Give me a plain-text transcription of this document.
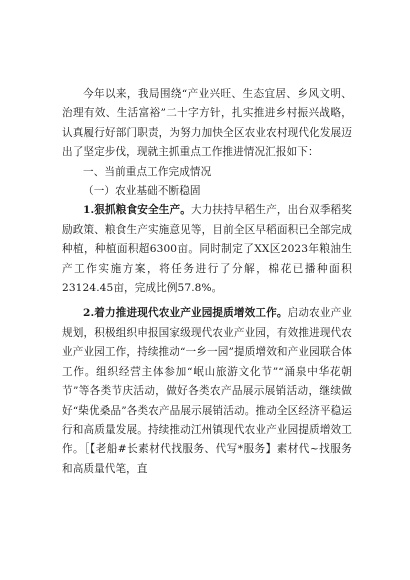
今年以来，我局围绕“产业兴旺、生态宜居、乡风文明、治理有效、生活富裕”二十字方针，扎实推进乡村振兴战略，认真履行好部门职责，为努力加快全区农业农村现代化发展迈出了坚定步伐，现就主抓重点工作推进情况汇报如下：

一、当前重点工作完成情况

（一）农业基础不断稳固

1.狠抓粮食安全生产。大力扶持早稻生产，出台双季稻奖励政策、粮食生产实施意见等，目前全区早稻面积已全部完成种植，种植面积超6300亩。同时制定了XX区2023年粮油生产工作实施方案，将任务进行了分解，棉花已播种面积23124.45亩，完成比例57.8%。

2.着力推进现代农业产业园提质增效工作。启动农业产业规划，积极组织申报国家级现代农业产业园，有效推进现代农业产业园工作，持续推动“一乡一园”提质增效和产业园联合体工作。组织经营主体参加“岷山旅游文化节”“涌泉中华花朝节”等各类节庆活动，做好各类农产品展示展销活动，继续做好“柴优桑品”各类农产品展示展销活动。推动全区经济平稳运行和高质量发展。持续推动江州镇现代农业产业园提质增效工作。［【老船#长素材代找服务、代写*服务】素材代~找服务和高质量代笔，直
